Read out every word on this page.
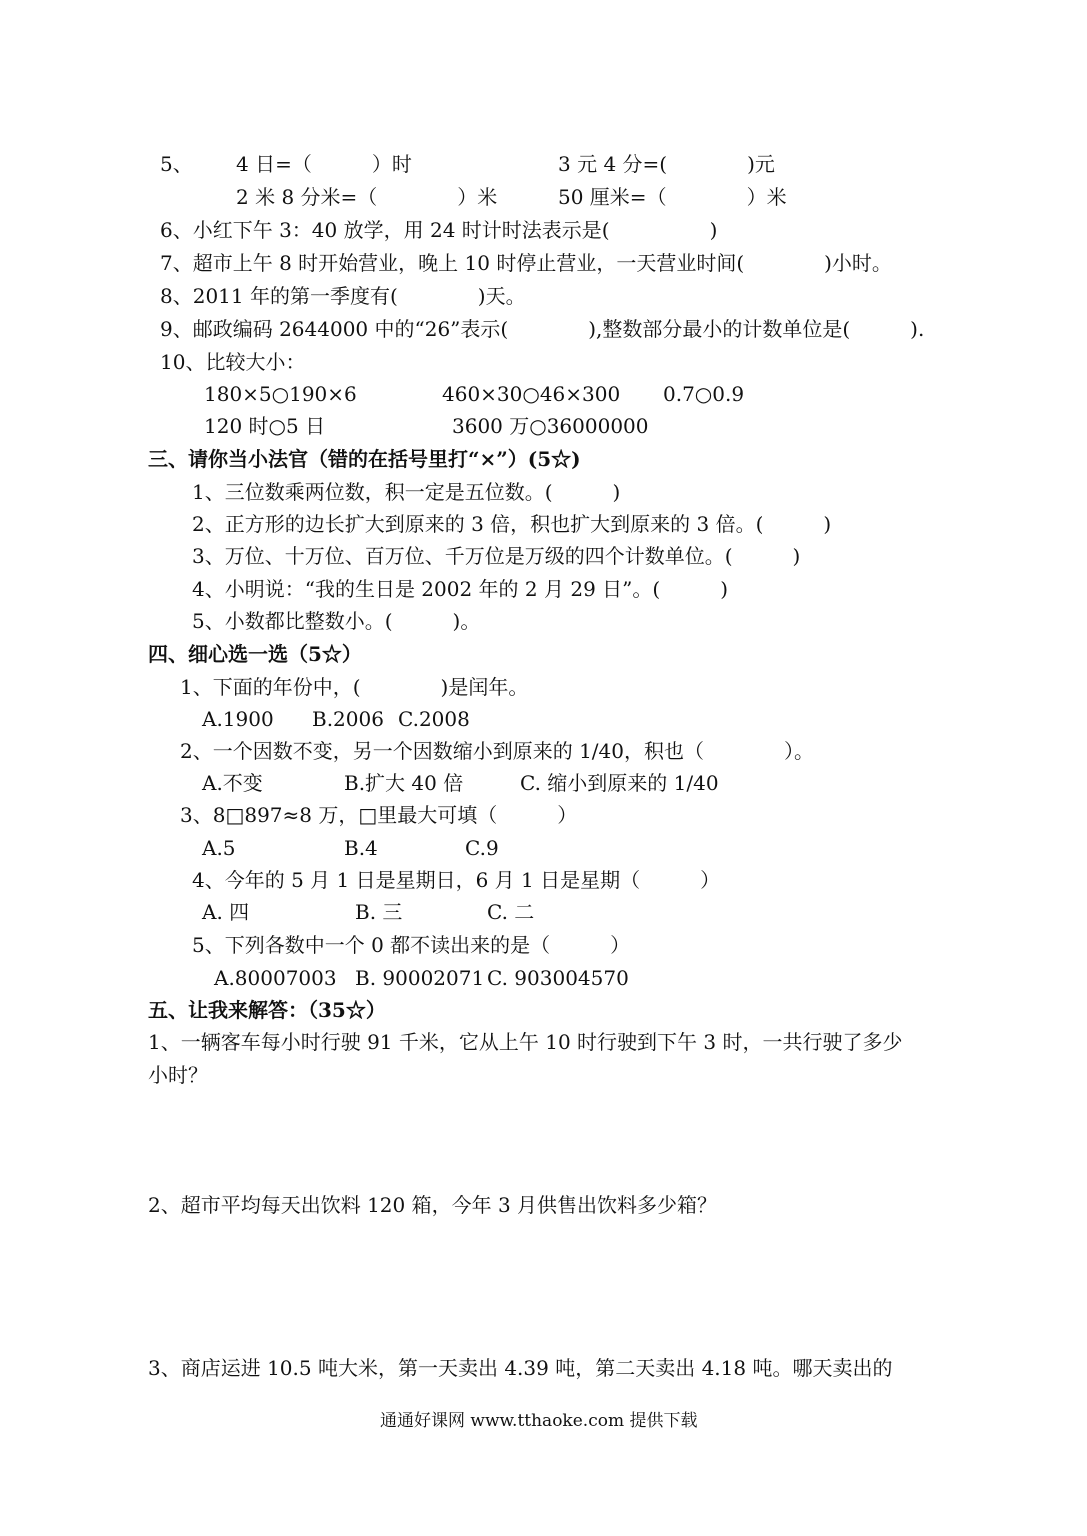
5、 4 日=（　　　）时	3 元 4 分=(　　　　)元
2 米 8 分米=（　　　　）米	50 厘米=（　　　　）米
6、小红下午 3：40 放学，用 24 时计时法表示是(　　　　　)
7、超市上午 8 时开始营业，晚上 10 时停止营业，一天营业时间(　　　　)小时。
8、2011 年的第一季度有(　　　　)天。
9、邮政编码 2644000 中的“26”表示(　　　　),整数部分最小的计数单位是(　　　).
10、比较大小：
180×5○190×6	460×30○46×300 0.7○0.9
120 时○5 日	3600 万○36000000
三、请你当小法官（错的在括号里打“×”）(5☆)
1、三位数乘两位数，积一定是五位数。(　　　)
2、正方形的边长扩大到原来的 3 倍，积也扩大到原来的 3 倍。(　　　)
3、万位、十万位、百万位、千万位是万级的四个计数单位。(　　　)
4、小明说：“我的生日是 2002 年的 2 月 29 日”。(　　　)
5、小数都比整数小。(　　　)。
四、细心选一选（5☆）
1、下面的年份中，(　　　　)是闰年。
A.1900 B.2006 C.2008
2、一个因数不变，另一个因数缩小到原来的 1/40，积也（　　　　）。
A.不变	B.扩大 40 倍	C. 缩小到原来的 1/40
3、8□897≈8 万，□里最大可填（　　　）
A.5	B.4	C.9
4、今年的 5 月 1 日是星期日，6 月 1 日是星期（　　　）
A. 四	B. 三	C. 二
5、下列各数中一个 0 都不读出来的是（　　　）
A.80007003 B. 90002071 C. 903004570
五、让我来解答：（35☆）
1、一辆客车每小时行驶 91 千米，它从上午 10 时行驶到下午 3 时，一共行驶了多少
小时？
2、超市平均每天出饮料 120 箱，今年 3 月供售出饮料多少箱？
3、商店运进 10.5 吨大米，第一天卖出 4.39 吨，第二天卖出 4.18 吨。哪天卖出的
通通好课网 www.tthaoke.com 提供下载
